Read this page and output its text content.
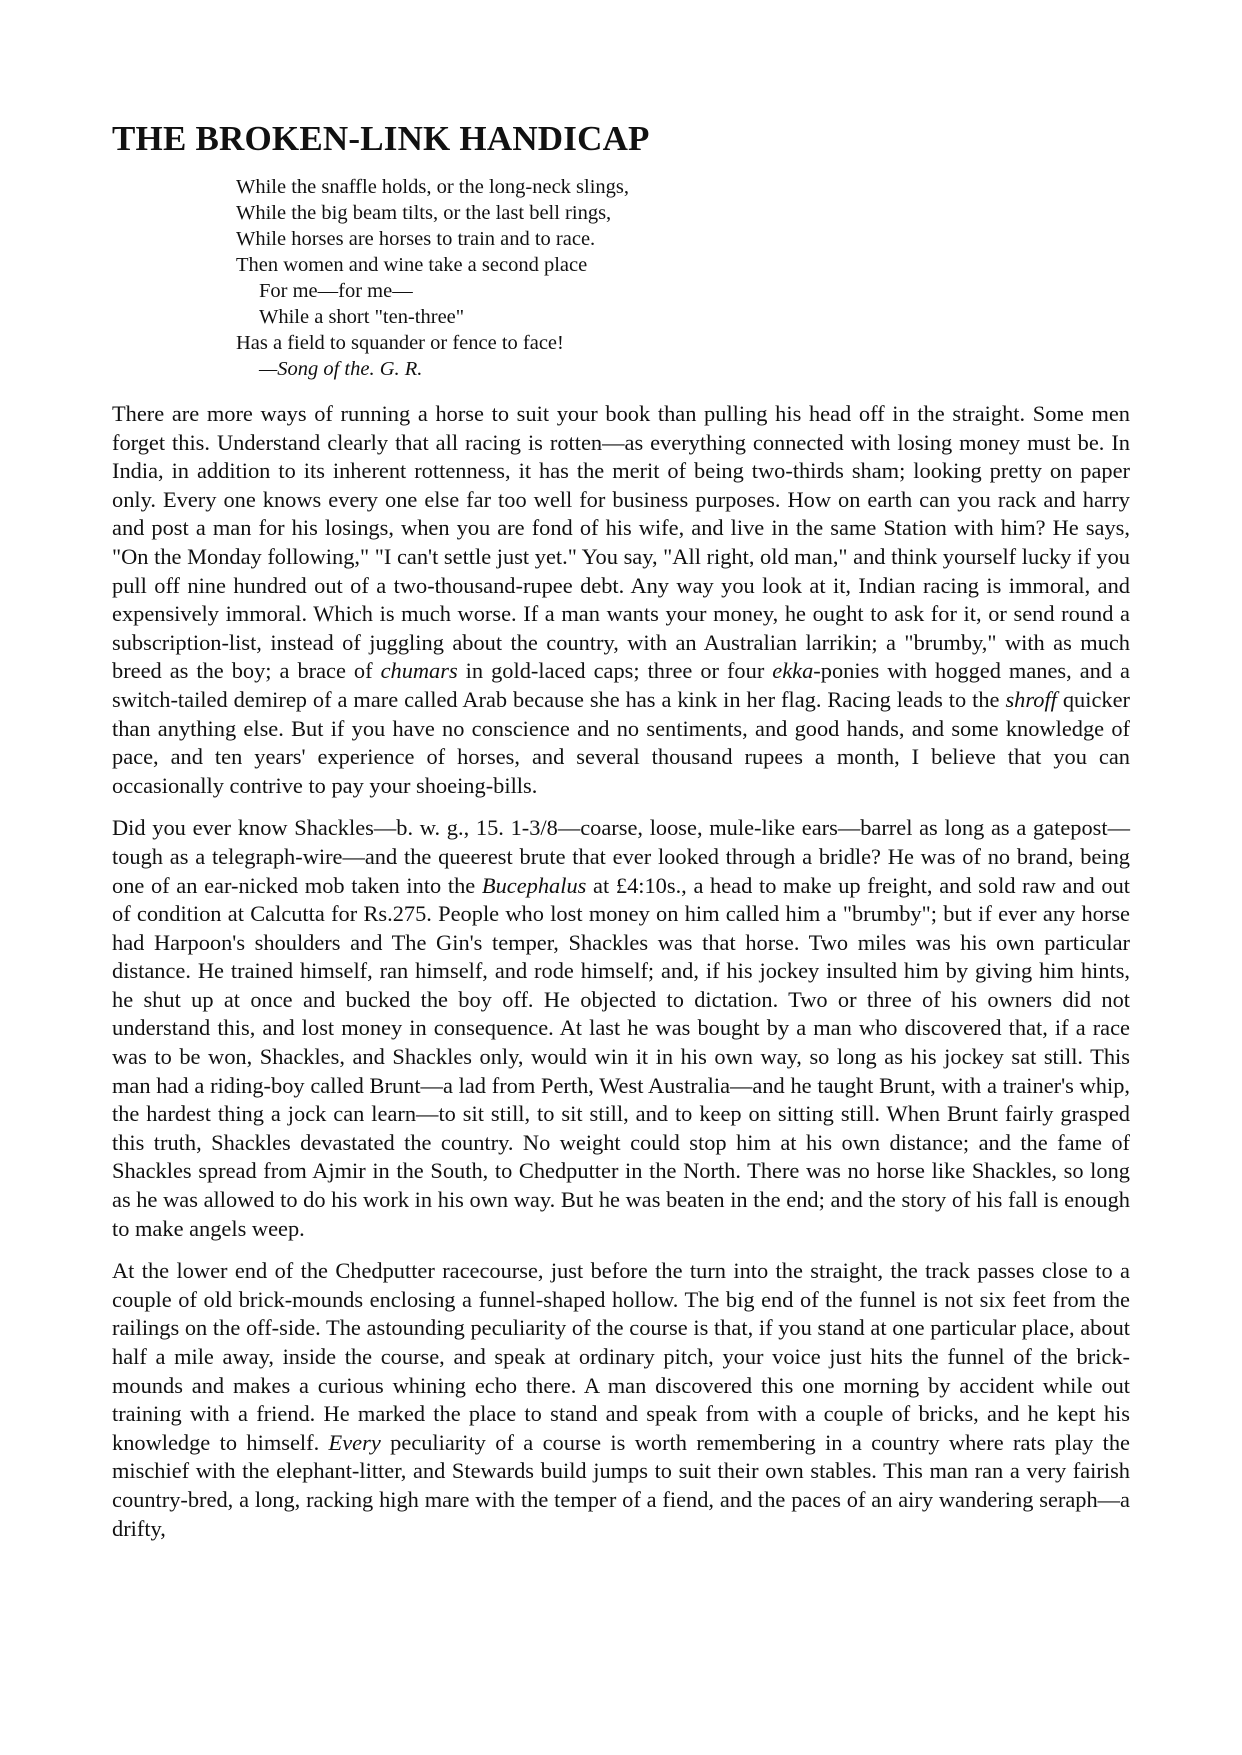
THE BROKEN-LINK HANDICAP
While the snaffle holds, or the long-neck slings,
While the big beam tilts, or the last bell rings,
While horses are horses to train and to race.
Then women and wine take a second place
For me—for me—
While a short "ten-three"
Has a field to squander or fence to face!
—Song of the. G. R.

There are more ways of running a horse to suit your book than pulling his head off in the straight. Some men forget this. Understand clearly that all racing is rotten—as everything connected with losing money must be. In India, in addition to its inherent rottenness, it has the merit of being two-thirds sham; looking pretty on paper only. Every one knows every one else far too well for business purposes. How on earth can you rack and harry and post a man for his losings, when you are fond of his wife, and live in the same Station with him? He says, "On the Monday following," "I can't settle just yet." You say, "All right, old man," and think yourself lucky if you pull off nine hundred out of a two-thousand-rupee debt. Any way you look at it, Indian racing is immoral, and expensively immoral. Which is much worse. If a man wants your money, he ought to ask for it, or send round a subscription-list, instead of juggling about the country, with an Australian larrikin; a "brumby," with as much breed as the boy; a brace of chumars in gold-laced caps; three or four ekka-ponies with hogged manes, and a switch-tailed demirep of a mare called Arab because she has a kink in her flag. Racing leads to the shroff quicker than anything else. But if you have no conscience and no sentiments, and good hands, and some knowledge of pace, and ten years' experience of horses, and several thousand rupees a month, I believe that you can occasionally contrive to pay your shoeing-bills.

Did you ever know Shackles—b. w. g., 15. 1-3/8—coarse, loose, mule-like ears—barrel as long as a gatepost—tough as a telegraph-wire—and the queerest brute that ever looked through a bridle? He was of no brand, being one of an ear-nicked mob taken into the Bucephalus at £4:10s., a head to make up freight, and sold raw and out of condition at Calcutta for Rs.275. People who lost money on him called him a "brumby"; but if ever any horse had Harpoon's shoulders and The Gin's temper, Shackles was that horse. Two miles was his own particular distance. He trained himself, ran himself, and rode himself; and, if his jockey insulted him by giving him hints, he shut up at once and bucked the boy off. He objected to dictation. Two or three of his owners did not understand this, and lost money in consequence. At last he was bought by a man who discovered that, if a race was to be won, Shackles, and Shackles only, would win it in his own way, so long as his jockey sat still. This man had a riding-boy called Brunt—a lad from Perth, West Australia—and he taught Brunt, with a trainer's whip, the hardest thing a jock can learn—to sit still, to sit still, and to keep on sitting still. When Brunt fairly grasped this truth, Shackles devastated the country. No weight could stop him at his own distance; and the fame of Shackles spread from Ajmir in the South, to Chedputter in the North. There was no horse like Shackles, so long as he was allowed to do his work in his own way. But he was beaten in the end; and the story of his fall is enough to make angels weep.

At the lower end of the Chedputter racecourse, just before the turn into the straight, the track passes close to a couple of old brick-mounds enclosing a funnel-shaped hollow. The big end of the funnel is not six feet from the railings on the off-side. The astounding peculiarity of the course is that, if you stand at one particular place, about half a mile away, inside the course, and speak at ordinary pitch, your voice just hits the funnel of the brick-mounds and makes a curious whining echo there. A man discovered this one morning by accident while out training with a friend. He marked the place to stand and speak from with a couple of bricks, and he kept his knowledge to himself. Every peculiarity of a course is worth remembering in a country where rats play the mischief with the elephant-litter, and Stewards build jumps to suit their own stables. This man ran a very fairish country-bred, a long, racking high mare with the temper of a fiend, and the paces of an airy wandering seraph—a drifty,
